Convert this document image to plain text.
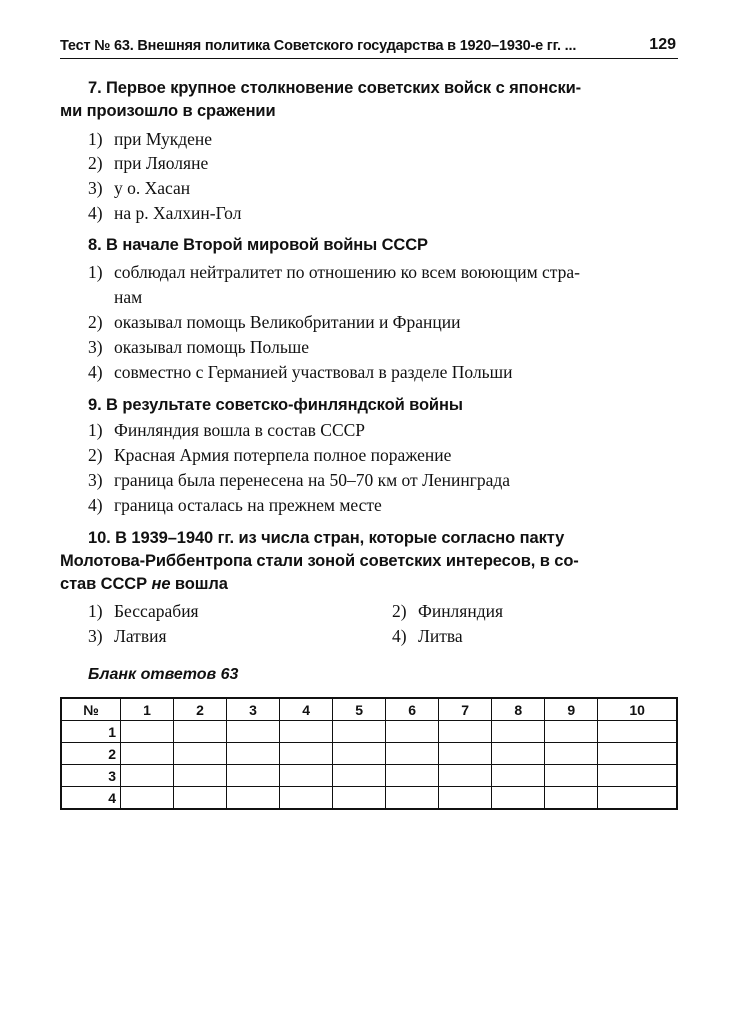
Тест № 63. Внешняя политика Советского государства в 1920–1930-е гг. ...	129
7. Первое крупное столкновение советских войск с японски-
ми произошло в сражении
1) при Мукдене
2) при Ляоляне
3) у о. Хасан
4) на р. Халхин-Гол
8. В начале Второй мировой войны СССР
1) соблюдал нейтралитет по отношению ко всем воюющим стра-
нам
2) оказывал помощь Великобритании и Франции
3) оказывал помощь Польше
4) совместно с Германией участвовал в разделе Польши
9. В результате советско-финляндской войны
1) Финляндия вошла в состав СССР
2) Красная Армия потерпела полное поражение
3) граница была перенесена на 50–70 км от Ленинграда
4) граница осталась на прежнем месте
10. В 1939–1940 гг. из числа стран, которые согласно пакту
Молотова-Риббентропа стали зоной советских интересов, в со-
став СССР не вошла
1) Бессарабия	2) Финляндия
3) Латвия	4) Литва
Бланк ответов 63
№	1	2	3	4	5	6	7	8	9	10
1										
2										
3										
4										
